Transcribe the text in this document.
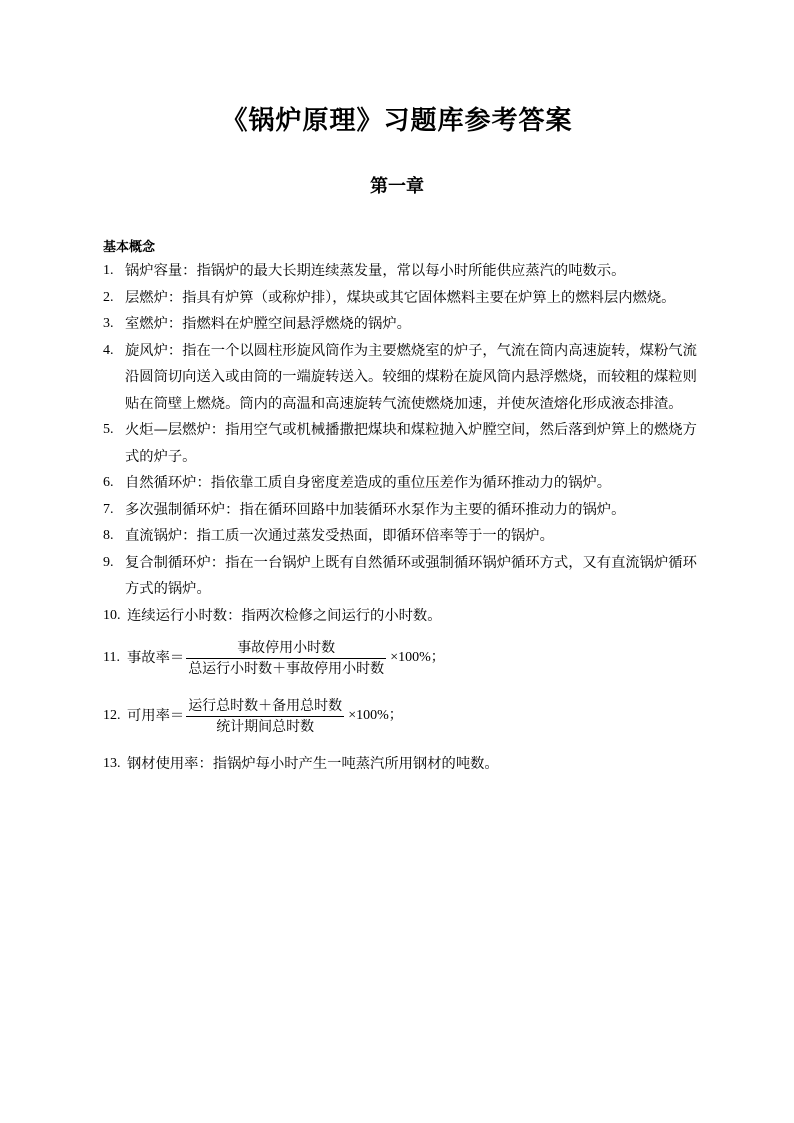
《锅炉原理》习题库参考答案
第一章
基本概念
1. 锅炉容量：指锅炉的最大长期连续蒸发量，常以每小时所能供应蒸汽的吨数示。
2. 层燃炉：指具有炉箅（或称炉排），煤块或其它固体燃料主要在炉箅上的燃料层内燃烧。
3. 室燃炉：指燃料在炉膛空间悬浮燃烧的锅炉。
4. 旋风炉：指在一个以圆柱形旋风筒作为主要燃烧室的炉子，气流在筒内高速旋转，煤粉气流沿圆筒切向送入或由筒的一端旋转送入。较细的煤粉在旋风筒内悬浮燃烧，而较粗的煤粒则贴在筒壁上燃烧。筒内的高温和高速旋转气流使燃烧加速，并使灰渣熔化形成液态排渣。
5. 火炬—层燃炉：指用空气或机械播撒把煤块和煤粒抛入炉膛空间，然后落到炉箅上的燃烧方式的炉子。
6. 自然循环炉：指依靠工质自身密度差造成的重位压差作为循环推动力的锅炉。
7. 多次强制循环炉：指在循环回路中加装循环水泵作为主要的循环推动力的锅炉。
8. 直流锅炉：指工质一次通过蒸发受热面，即循环倍率等于一的锅炉。
9. 复合制循环炉：指在一台锅炉上既有自然循环或强制循环锅炉循环方式，又有直流锅炉循环方式的锅炉。
10. 连续运行小时数：指两次检修之间运行的小时数。
11. 事故率＝ $\frac{\text{事故停用小时数}}{\text{总运行小时数＋事故停用小时数}} \times 100\%$；
12. 可用率＝ $\frac{\text{运行总时数＋备用总时数}}{\text{统计期间总时数}} \times 100\%$；
13. 钢材使用率：指锅炉每小时产生一吨蒸汽所用钢材的吨数。
